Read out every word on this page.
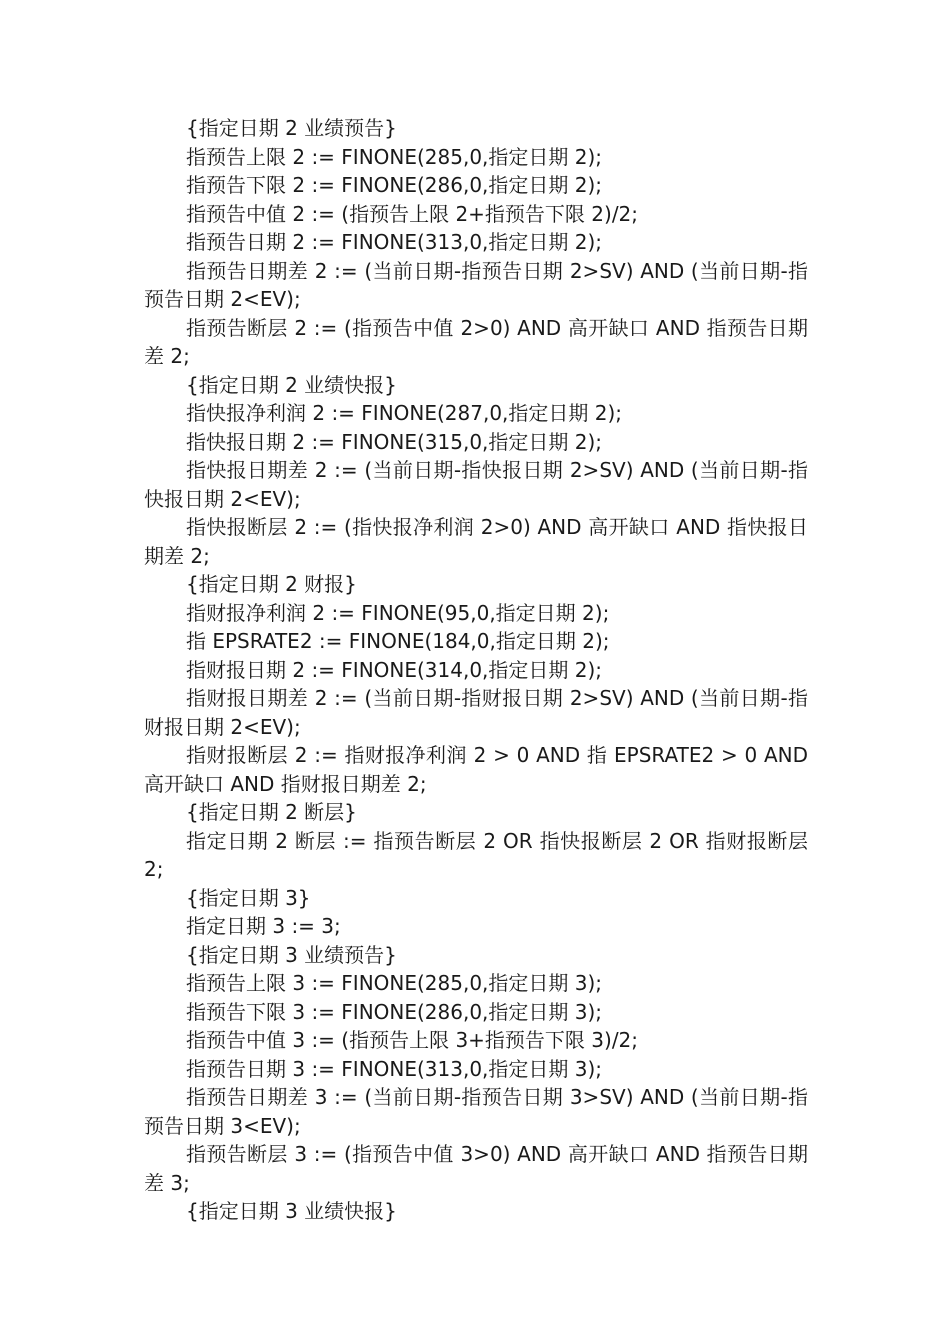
{指定日期 2 业绩预告}

指预告上限 2 := FINONE(285,0,指定日期 2);

指预告下限 2 := FINONE(286,0,指定日期 2);

指预告中值 2 := (指预告上限 2+指预告下限 2)/2;

指预告日期 2 := FINONE(313,0,指定日期 2);

指预告日期差 2 := (当前日期-指预告日期 2>SV) AND (当前日期-指预告日期 2<EV);

指预告断层 2 := (指预告中值 2>0) AND 高开缺口 AND 指预告日期差 2;

{指定日期 2 业绩快报}

指快报净利润 2 := FINONE(287,0,指定日期 2);

指快报日期 2 := FINONE(315,0,指定日期 2);

指快报日期差 2 := (当前日期-指快报日期 2>SV) AND (当前日期-指快报日期 2<EV);

指快报断层 2 := (指快报净利润 2>0) AND 高开缺口 AND 指快报日期差 2;

{指定日期 2 财报}

指财报净利润 2 := FINONE(95,0,指定日期 2);

指 EPSRATE2 := FINONE(184,0,指定日期 2);

指财报日期 2 := FINONE(314,0,指定日期 2);

指财报日期差 2 := (当前日期-指财报日期 2>SV) AND (当前日期-指财报日期 2<EV);

指财报断层 2 := 指财报净利润 2 > 0 AND 指 EPSRATE2 > 0 AND 高开缺口 AND 指财报日期差 2;

{指定日期 2 断层}

指定日期 2 断层 := 指预告断层 2 OR 指快报断层 2 OR 指财报断层 2;

{指定日期 3}

指定日期 3 := 3;

{指定日期 3 业绩预告}

指预告上限 3 := FINONE(285,0,指定日期 3);

指预告下限 3 := FINONE(286,0,指定日期 3);

指预告中值 3 := (指预告上限 3+指预告下限 3)/2;

指预告日期 3 := FINONE(313,0,指定日期 3);

指预告日期差 3 := (当前日期-指预告日期 3>SV) AND (当前日期-指预告日期 3<EV);

指预告断层 3 := (指预告中值 3>0) AND 高开缺口 AND 指预告日期差 3;

{指定日期 3 业绩快报}
